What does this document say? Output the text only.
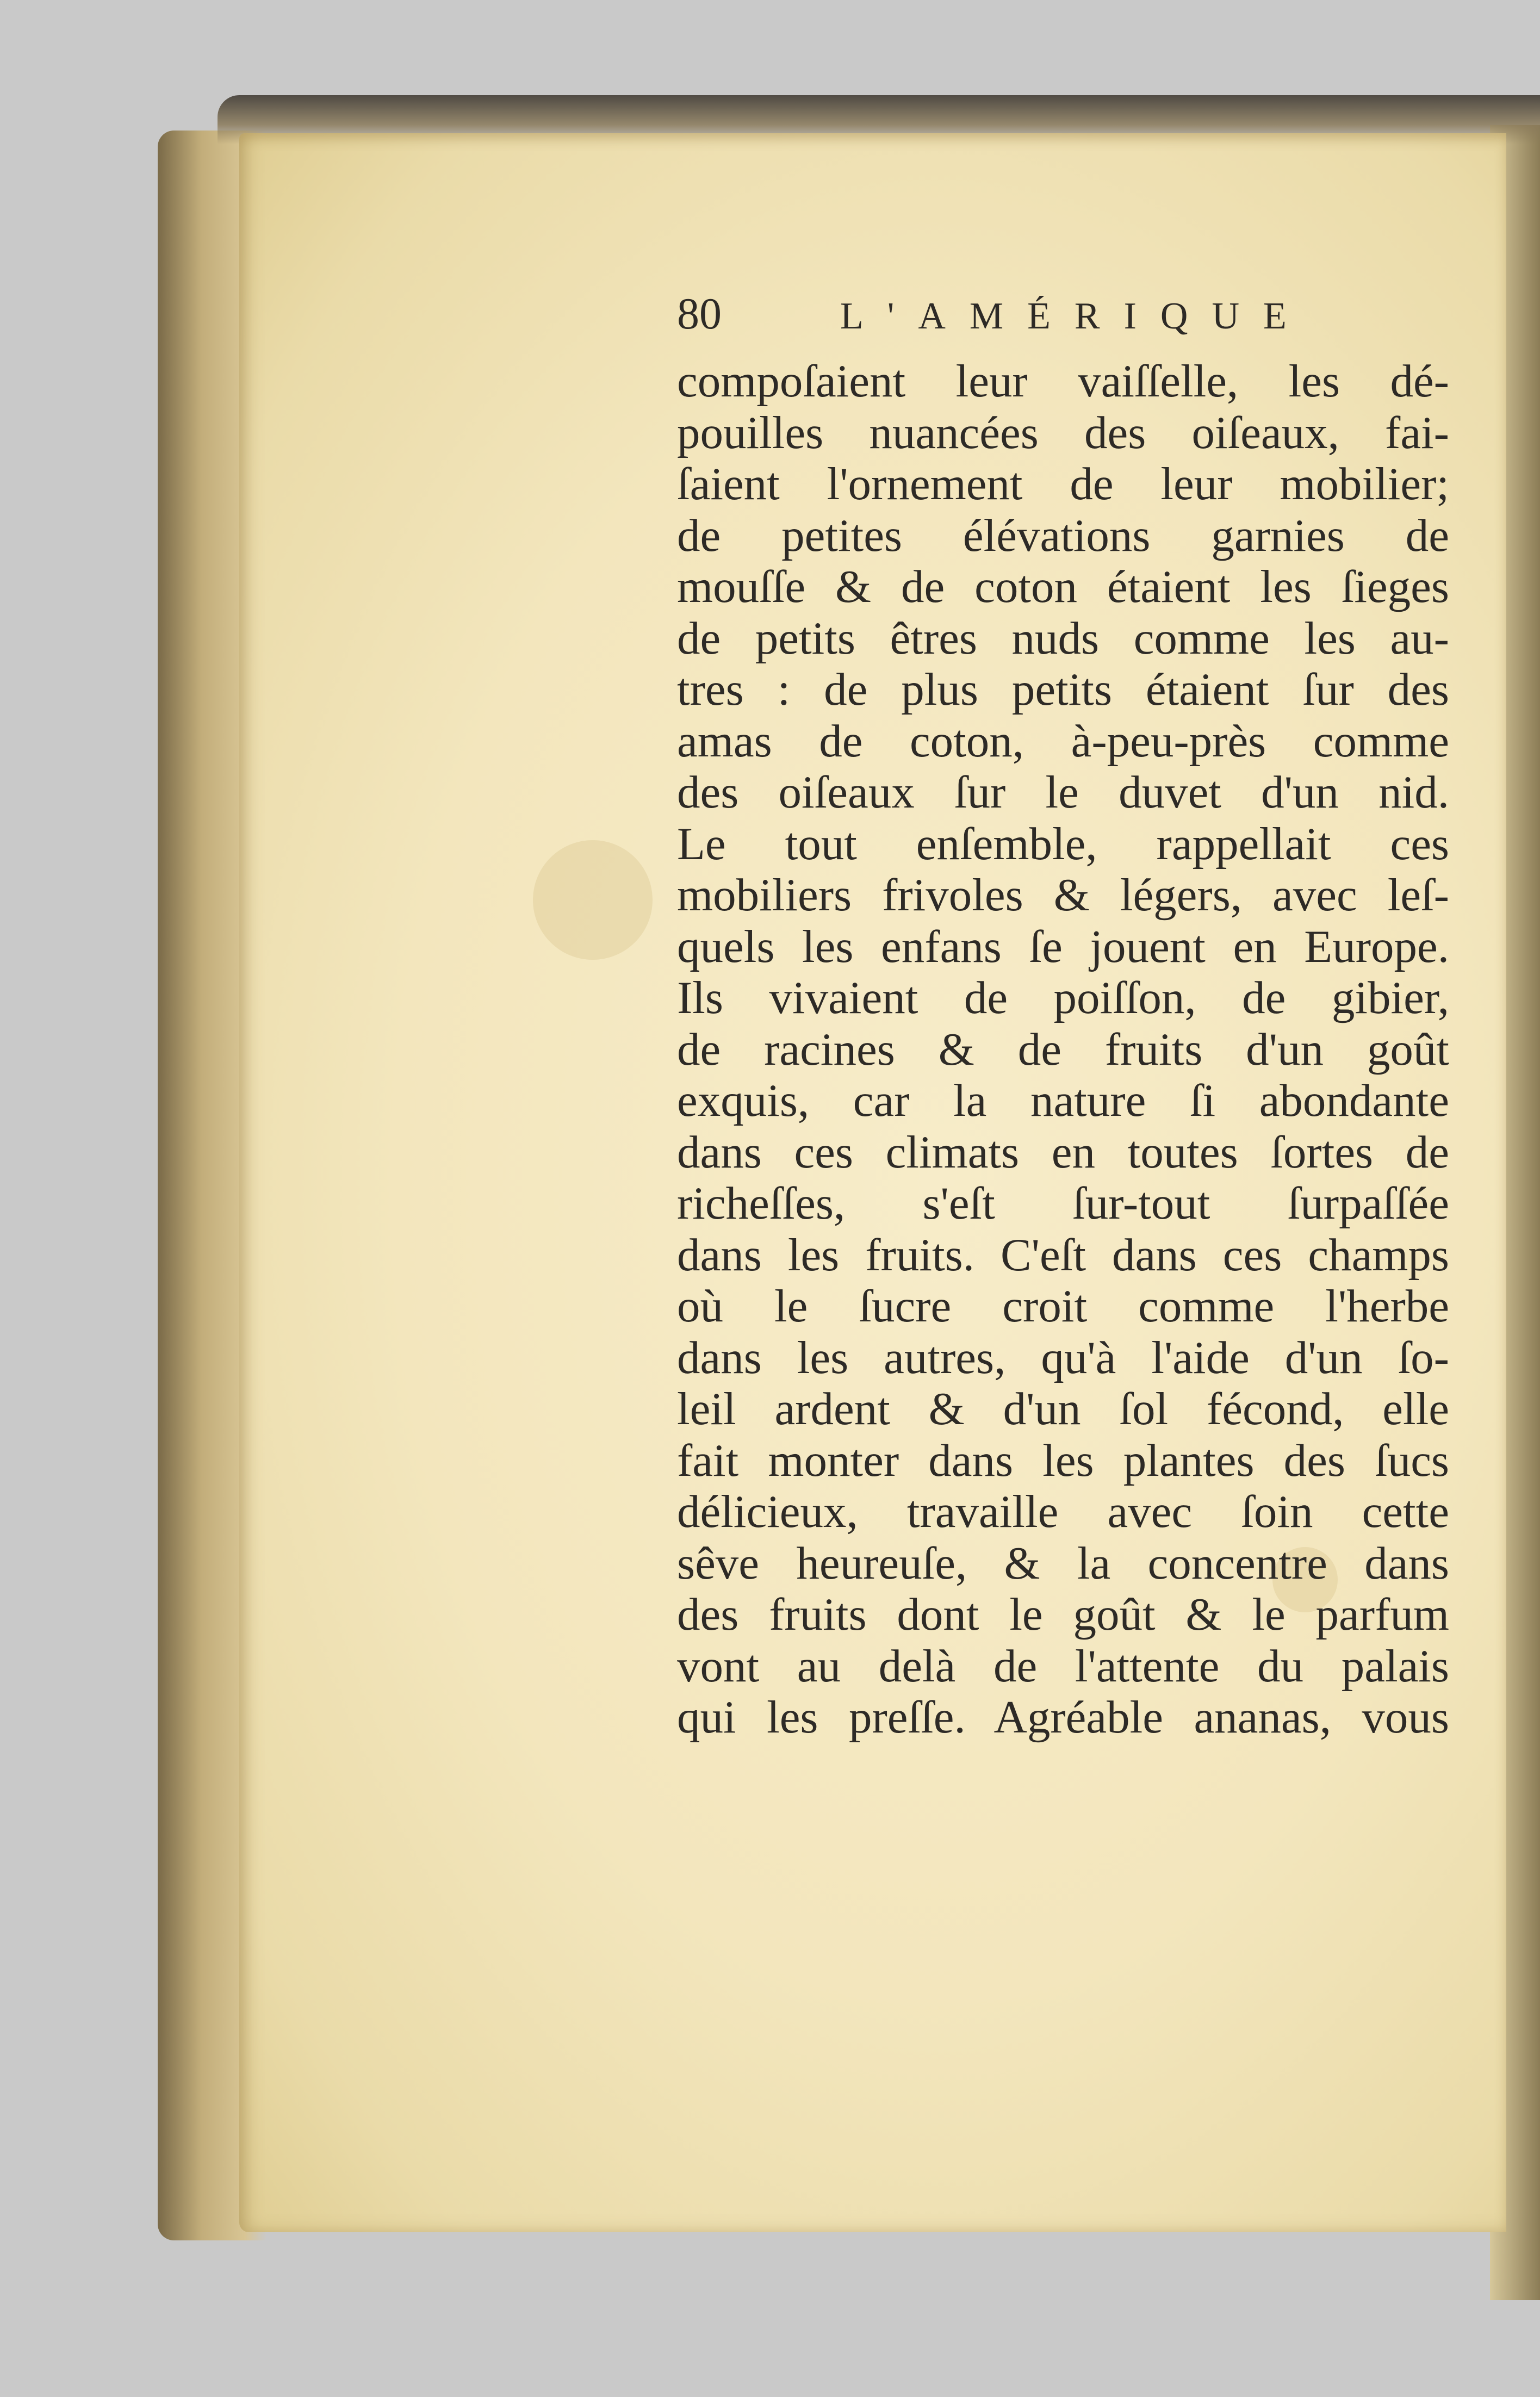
80	L'AMÉRIQUE
compoſaient leur vaiſſelle, les dé-
pouilles nuancées des oiſeaux, fai-
ſaient l'ornement de leur mobilier;
de petites élévations garnies de
mouſſe & de coton étaient les ſieges
de petits êtres nuds comme les au-
tres : de plus petits étaient ſur des
amas de coton, à-peu-près comme
des oiſeaux ſur le duvet d'un nid.
Le tout enſemble, rappellait ces
mobiliers frivoles & légers, avec leſ-
quels les enfans ſe jouent en Europe.
Ils vivaient de poiſſon, de gibier,
de racines & de fruits d'un goût
exquis, car la nature ſi abondante
dans ces climats en toutes ſortes de
richeſſes, s'eſt ſur-tout ſurpaſſée
dans les fruits. C'eſt dans ces champs
où le ſucre croit comme l'herbe
dans les autres, qu'à l'aide d'un ſo-
leil ardent & d'un ſol fécond, elle
fait monter dans les plantes des ſucs
délicieux, travaille avec ſoin cette
sêve heureuſe, & la concentre dans
des fruits dont le goût & le parfum
vont au delà de l'attente du palais
qui les preſſe. Agréable ananas, vous
